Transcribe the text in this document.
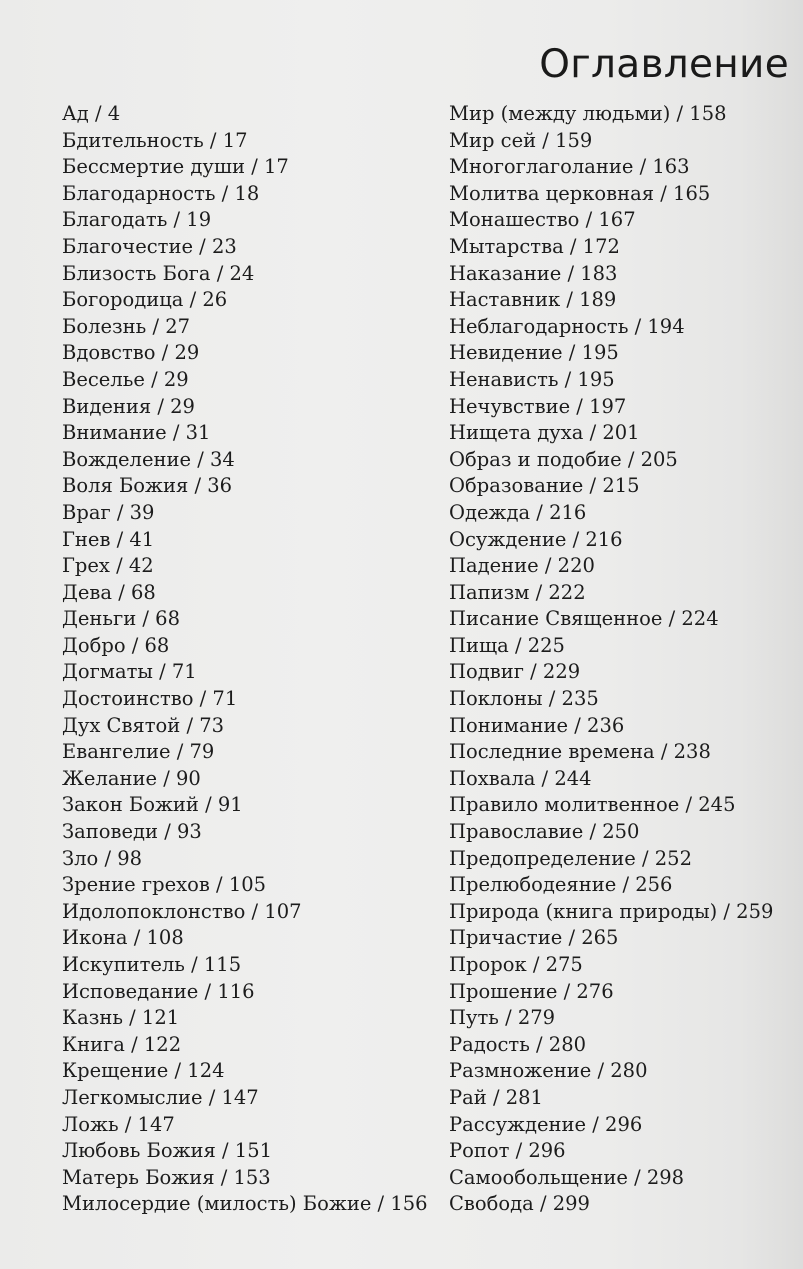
Оглавление
Ад / 4
Бдительность / 17
Бессмертие души / 17
Благодарность / 18
Благодать / 19
Благочестие / 23
Близость Бога / 24
Богородица / 26
Болезнь / 27
Вдовство / 29
Веселье / 29
Видения / 29
Внимание / 31
Вожделение / 34
Воля Божия / 36
Враг / 39
Гнев / 41
Грех / 42
Дева / 68
Деньги / 68
Добро / 68
Догматы / 71
Достоинство / 71
Дух Святой / 73
Евангелие / 79
Желание / 90
Закон Божий / 91
Заповеди / 93
Зло / 98
Зрение грехов / 105
Идолопоклонство / 107
Икона / 108
Искупитель / 115
Исповедание / 116
Казнь / 121
Книга / 122
Крещение / 124
Легкомыслие / 147
Ложь / 147
Любовь Божия / 151
Матерь Божия / 153
Милосердие (милость) Божие / 156
Мир (между людьми) / 158
Мир сей / 159
Многоглаголание / 163
Молитва церковная / 165
Монашество / 167
Мытарства / 172
Наказание / 183
Наставник / 189
Неблагодарность / 194
Невидение / 195
Ненависть / 195
Нечувствие / 197
Нищета духа / 201
Образ и подобие / 205
Образование / 215
Одежда / 216
Осуждение / 216
Падение / 220
Папизм / 222
Писание Священное / 224
Пища / 225
Подвиг / 229
Поклоны / 235
Понимание / 236
Последние времена / 238
Похвала / 244
Правило молитвенное / 245
Православие / 250
Предопределение / 252
Прелюбодеяние / 256
Природа (книга природы) / 259
Причастие / 265
Пророк / 275
Прошение / 276
Путь / 279
Радость / 280
Размножение / 280
Рай / 281
Рассуждение / 296
Ропот / 296
Самообольщение / 298
Свобода / 299
